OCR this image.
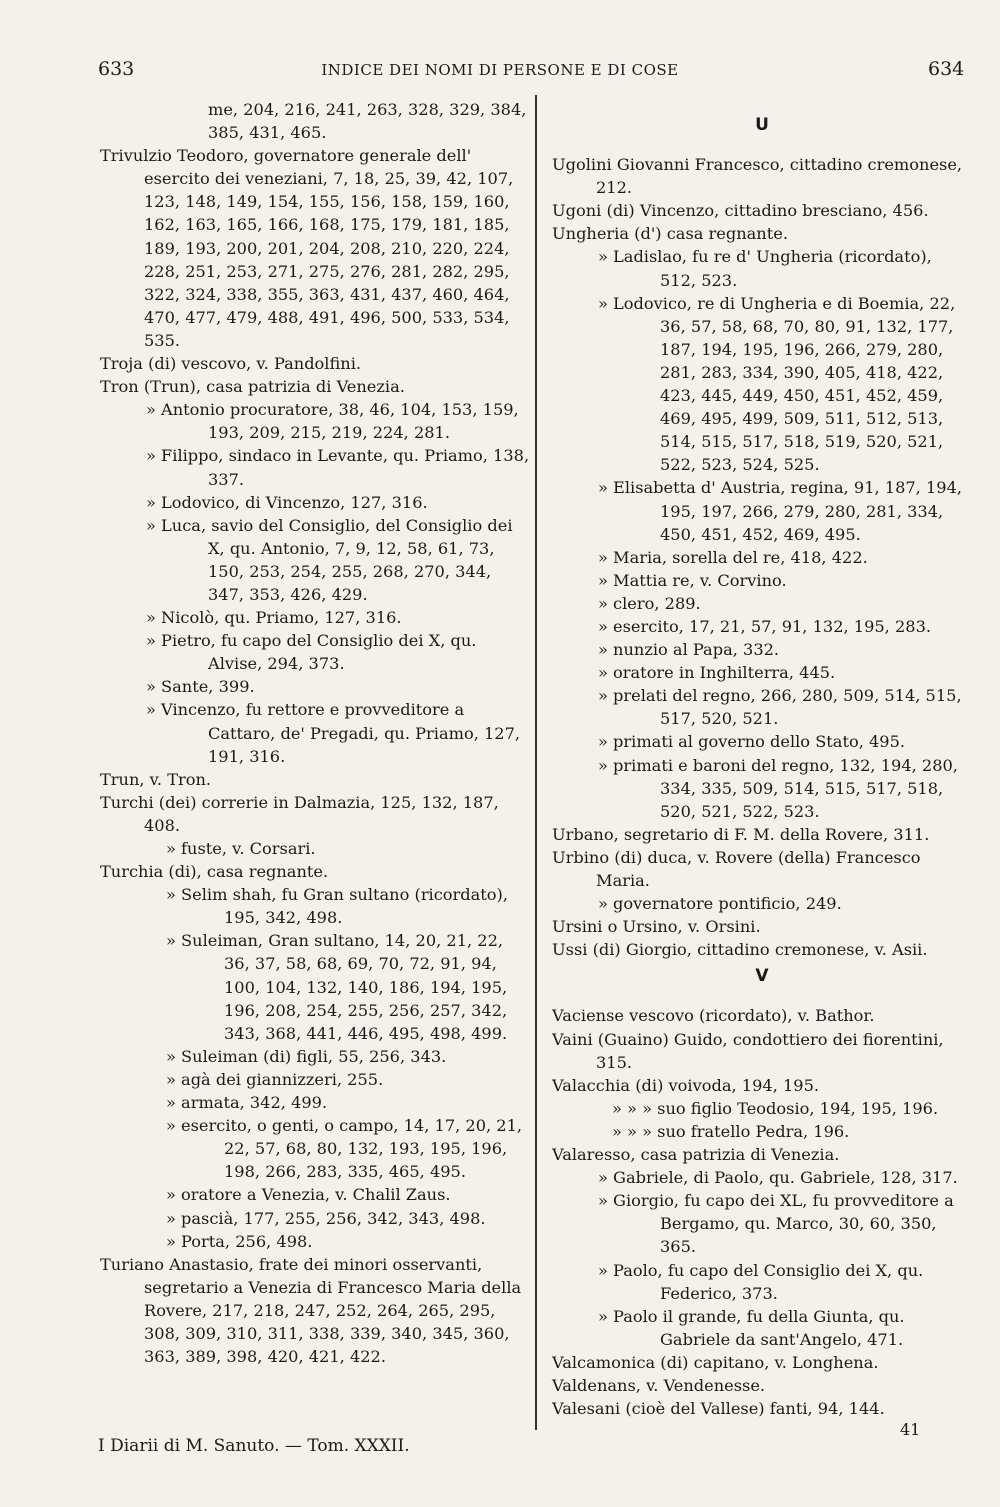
633	INDICE DEI NOMI DI PERSONE E DI COSE	634

me, 204, 216, 241, 263, 328, 329, 384, 385, 431, 465.

Trivulzio Teodoro, governatore generale dell' esercito dei veneziani, 7, 18, 25, 39, 42, 107, 123, 148, 149, 154, 155, 156, 158, 159, 160, 162, 163, 165, 166, 168, 175, 179, 181, 185, 189, 193, 200, 201, 204, 208, 210, 220, 224, 228, 251, 253, 271, 275, 276, 281, 282, 295, 322, 324, 338, 355, 363, 431, 437, 460, 464, 470, 477, 479, 488, 491, 496, 500, 533, 534, 535.

Troja (di) vescovo, v. Pandolfini.

Tron (Trun), casa patrizia di Venezia.

» Antonio procuratore, 38, 46, 104, 153, 159, 193, 209, 215, 219, 224, 281.

» Filippo, sindaco in Levante, qu. Priamo, 138, 337.

» Lodovico, di Vincenzo, 127, 316.

» Luca, savio del Consiglio, del Consiglio dei X, qu. Antonio, 7, 9, 12, 58, 61, 73, 150, 253, 254, 255, 268, 270, 344, 347, 353, 426, 429.

» Nicolò, qu. Priamo, 127, 316.

» Pietro, fu capo del Consiglio dei X, qu. Alvise, 294, 373.

» Sante, 399.

» Vincenzo, fu rettore e provveditore a Cattaro, de' Pregadi, qu. Priamo, 127, 191, 316.

Trun, v. Tron.

Turchi (dei) correrie in Dalmazia, 125, 132, 187, 408.

» fuste, v. Corsari.

Turchia (di), casa regnante.

» Selim shah, fu Gran sultano (ricordato), 195, 342, 498.

» Suleiman, Gran sultano, 14, 20, 21, 22, 36, 37, 58, 68, 69, 70, 72, 91, 94, 100, 104, 132, 140, 186, 194, 195, 196, 208, 254, 255, 256, 257, 342, 343, 368, 441, 446, 495, 498, 499.

» Suleiman (di) figli, 55, 256, 343.

» agà dei giannizzeri, 255.

» armata, 342, 499.

» esercito, o genti, o campo, 14, 17, 20, 21, 22, 57, 68, 80, 132, 193, 195, 196, 198, 266, 283, 335, 465, 495.

» oratore a Venezia, v. Chalil Zaus.

» pascià, 177, 255, 256, 342, 343, 498.

» Porta, 256, 498.

Turiano Anastasio, frate dei minori osservanti, segretario a Venezia di Francesco Maria della Rovere, 217, 218, 247, 252, 264, 265, 295, 308, 309, 310, 311, 338, 339, 340, 345, 360, 363, 389, 398, 420, 421, 422.

U

Ugolini Giovanni Francesco, cittadino cremonese, 212.

Ugoni (di) Vincenzo, cittadino bresciano, 456.

Ungheria (d') casa regnante.

» Ladislao, fu re d' Ungheria (ricordato), 512, 523.

» Lodovico, re di Ungheria e di Boemia, 22, 36, 57, 58, 68, 70, 80, 91, 132, 177, 187, 194, 195, 196, 266, 279, 280, 281, 283, 334, 390, 405, 418, 422, 423, 445, 449, 450, 451, 452, 459, 469, 495, 499, 509, 511, 512, 513, 514, 515, 517, 518, 519, 520, 521, 522, 523, 524, 525.

» Elisabetta d' Austria, regina, 91, 187, 194, 195, 197, 266, 279, 280, 281, 334, 450, 451, 452, 469, 495.

» Maria, sorella del re, 418, 422.

» Mattia re, v. Corvino.

» clero, 289.

» esercito, 17, 21, 57, 91, 132, 195, 283.

» nunzio al Papa, 332.

» oratore in Inghilterra, 445.

» prelati del regno, 266, 280, 509, 514, 515, 517, 520, 521.

» primati al governo dello Stato, 495.

» primati e baroni del regno, 132, 194, 280, 334, 335, 509, 514, 515, 517, 518, 520, 521, 522, 523.

Urbano, segretario di F. M. della Rovere, 311.

Urbino (di) duca, v. Rovere (della) Francesco Maria.

» governatore pontificio, 249.

Ursini o Ursino, v. Orsini.

Ussi (di) Giorgio, cittadino cremonese, v. Asii.

V

Vaciense vescovo (ricordato), v. Bathor.

Vaini (Guaino) Guido, condottiero dei fiorentini, 315.

Valacchia (di) voivoda, 194, 195.

» » » suo figlio Teodosio, 194, 195, 196.

» » » suo fratello Pedra, 196.

Valaresso, casa patrizia di Venezia.

» Gabriele, di Paolo, qu. Gabriele, 128, 317.

» Giorgio, fu capo dei XL, fu provveditore a Bergamo, qu. Marco, 30, 60, 350, 365.

» Paolo, fu capo del Consiglio dei X, qu. Federico, 373.

» Paolo il grande, fu della Giunta, qu. Gabriele da sant'Angelo, 471.

Valcamonica (di) capitano, v. Longhena.

Valdenans, v. Vendenesse.

Valesani (cioè del Vallese) fanti, 94, 144.

I Diarii di M. Sanuto. — Tom. XXXII.
41
